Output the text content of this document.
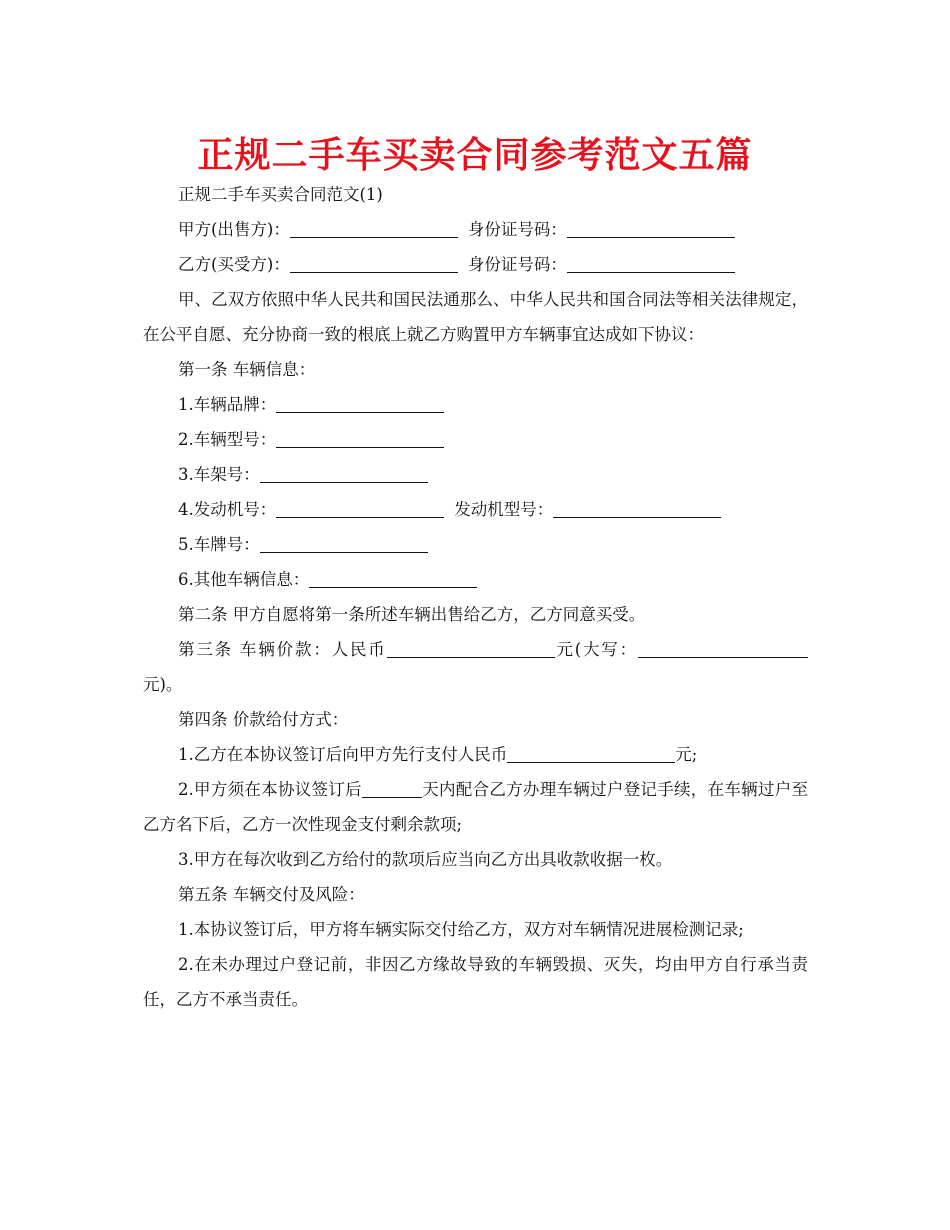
正规二手车买卖合同参考范文五篇

正规二手车买卖合同范文(1)

甲方(出售方)：	身份证号码：

乙方(买受方)：	身份证号码：

甲、乙双方依照中华人民共和国民法通那么、中华人民共和国合同法等相关法律规定，在公平自愿、充分协商一致的根底上就乙方购置甲方车辆事宜达成如下协议：

第一条 车辆信息：

1.车辆品牌：

2.车辆型号：

3.车架号：

4.发动机号：	发动机型号：

5.车牌号：

6.其他车辆信息：

第二条 甲方自愿将第一条所述车辆出售给乙方，乙方同意买受。

第三条 车辆价款：人民币	元(大写：元)。

第四条 价款给付方式：

1.乙方在本协议签订后向甲方先行支付人民币	元;

2.甲方须在本协议签订后	天内配合乙方办理车辆过户登记手续，在车辆过户至乙方名下后，乙方一次性现金支付剩余款项;

3.甲方在每次收到乙方给付的款项后应当向乙方出具收款收据一枚。

第五条 车辆交付及风险：

1.本协议签订后，甲方将车辆实际交付给乙方，双方对车辆情况进展检测记录;

2.在未办理过户登记前，非因乙方缘故导致的车辆毁损、灭失，均由甲方自行承当责任，乙方不承当责任。
